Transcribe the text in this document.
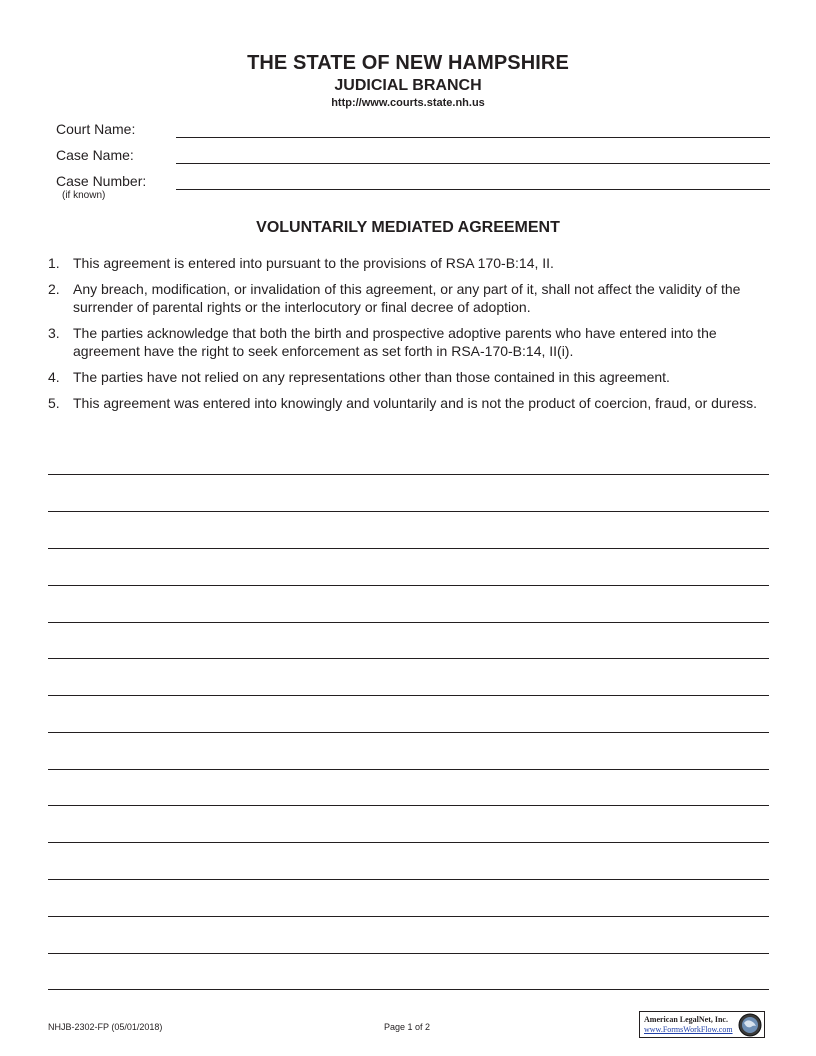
THE STATE OF NEW HAMPSHIRE
JUDICIAL BRANCH
http://www.courts.state.nh.us
Court Name:
Case Name:
Case Number:
(if known)
VOLUNTARILY MEDIATED AGREEMENT
1. This agreement is entered into pursuant to the provisions of RSA 170-B:14, II.
2. Any breach, modification, or invalidation of this agreement, or any part of it, shall not affect the validity of the surrender of parental rights or the interlocutory or final decree of adoption.
3. The parties acknowledge that both the birth and prospective adoptive parents who have entered into the agreement have the right to seek enforcement as set forth in RSA-170-B:14, II(i).
4. The parties have not relied on any representations other than those contained in this agreement.
5. This agreement was entered into knowingly and voluntarily and is not the product of coercion, fraud, or duress.
NHJB-2302-FP (05/01/2018)	Page 1 of 2
American LegalNet, Inc.
www.FormsWorkFlow.com
